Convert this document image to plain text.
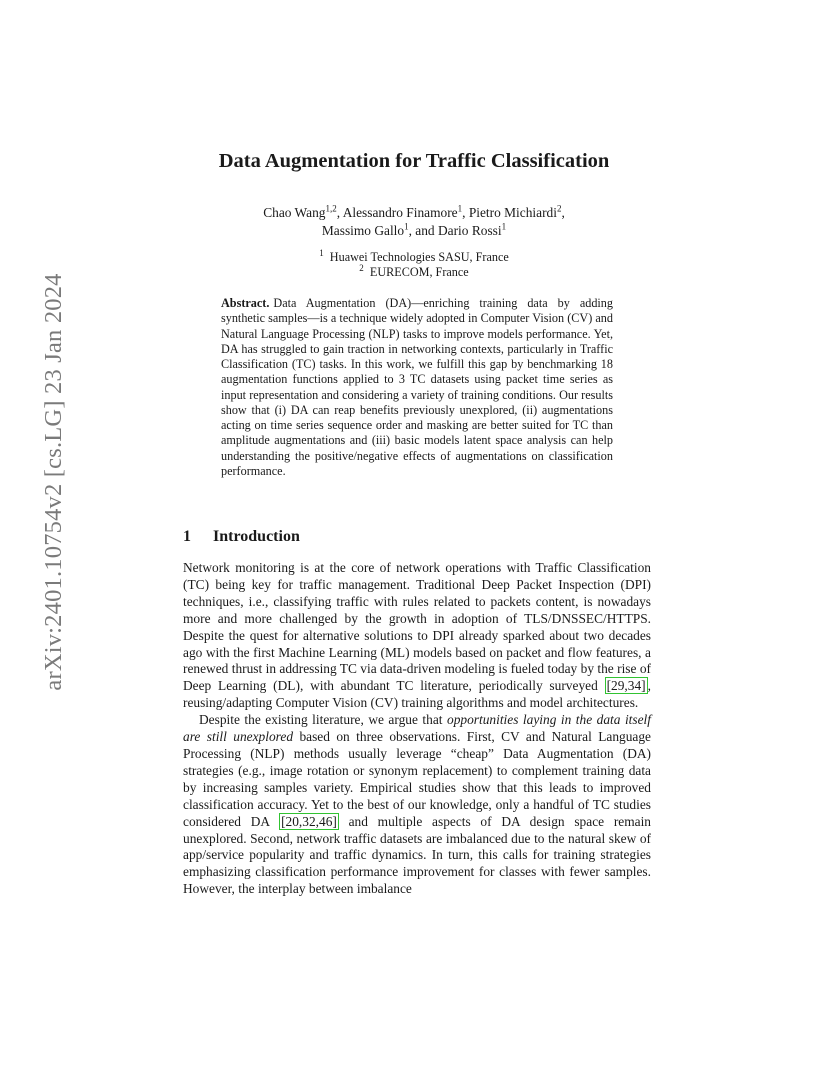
arXiv:2401.10754v2 [cs.LG] 23 Jan 2024
Data Augmentation for Traffic Classification
Chao Wang$^{1,2}$, Alessandro Finamore$^1$, Pietro Michiardi$^2$,
Massimo Gallo$^1$, and Dario Rossi$^1$
$^1$ Huawei Technologies SASU, France
$^2$ EURECOM, France
Abstract. Data Augmentation (DA)—enriching training data by adding synthetic samples—is a technique widely adopted in Computer Vision (CV) and Natural Language Processing (NLP) tasks to improve models performance. Yet, DA has struggled to gain traction in networking contexts, particularly in Traffic Classification (TC) tasks. In this work, we fulfill this gap by benchmarking 18 augmentation functions applied to 3 TC datasets using packet time series as input representation and considering a variety of training conditions. Our results show that (i) DA can reap benefits previously unexplored, (ii) augmentations acting on time series sequence order and masking are better suited for TC than amplitude augmentations and (iii) basic models latent space analysis can help understanding the positive/negative effects of augmentations on classification performance.
1 Introduction

Network monitoring is at the core of network operations with Traffic Classification (TC) being key for traffic management. Traditional Deep Packet Inspection (DPI) techniques, i.e., classifying traffic with rules related to packets content, is nowadays more and more challenged by the growth in adoption of TLS/DNSSEC/HTTPS. Despite the quest for alternative solutions to DPI already sparked about two decades ago with the first Machine Learning (ML) models based on packet and flow features, a renewed thrust in addressing TC via data-driven modeling is fueled today by the rise of Deep Learning (DL), with abundant TC literature, periodically surveyed [29,34] , reusing/adapting Computer Vision (CV) training algorithms and model architectures.

Despite the existing literature, we argue that opportunities laying in the data itself are still unexplored based on three observations. First, CV and Natural Language Processing (NLP) methods usually leverage “cheap” Data Augmentation (DA) strategies (e.g., image rotation or synonym replacement) to complement training data by increasing samples variety. Empirical studies show that this leads to improved classification accuracy. Yet to the best of our knowledge, only a handful of TC studies considered DA [20,32,46] and multiple aspects of DA design space remain unexplored. Second, network traffic datasets are imbalanced due to the natural skew of app/service popularity and traffic dynamics. In turn, this calls for training strategies emphasizing classification performance improvement for classes with fewer samples. However, the interplay between imbalance
